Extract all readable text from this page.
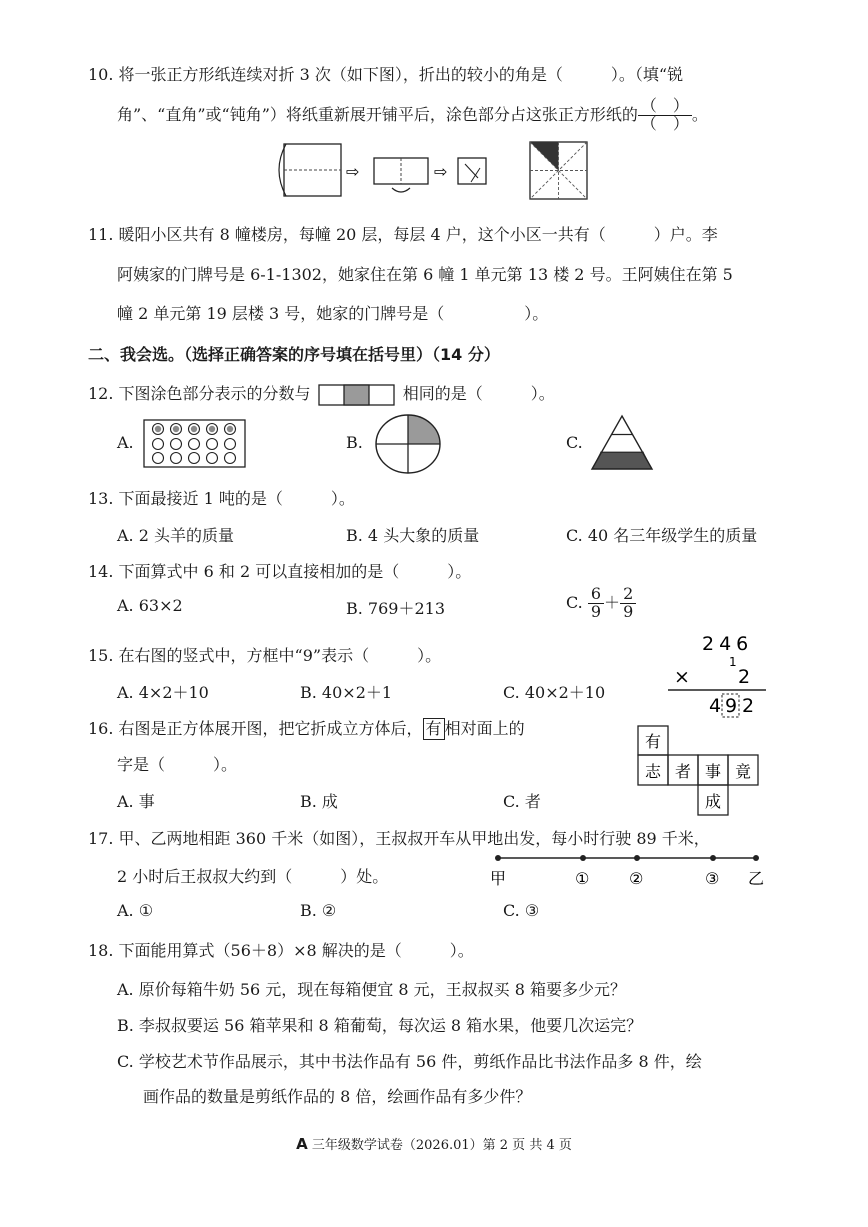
10. 将一张正方形纸连续对折 3 次（如下图），折出的较小的角是（　　　）。（填“锐
角”、“直角”或“钝角”）将纸重新展开铺平后，涂色部分占这张正方形纸的 $\frac{( )}{( )}$ 。
⇨	⇨
11. 暖阳小区共有 8 幢楼房，每幢 20 层，每层 4 户，这个小区一共有（　　　）户。李
阿姨家的门牌号是 6-1-1302，她家住在第 6 幢 1 单元第 13 楼 2 号。王阿姨住在第 5
幢 2 单元第 19 层楼 3 号，她家的门牌号是（　　　　　）。
二、我会选。（选择正确答案的序号填在括号里）（14 分）
12. 下图涂色部分表示的分数与	相同的是（　　　）。
A.	B.	C.
13. 下面最接近 1 吨的是（　　　）。
A. 2 头羊的质量	B. 4 头大象的质量	C. 40 名三年级学生的质量
14. 下面算式中 6 和 2 可以直接相加的是（　　　）。
A. 63×2	B. 769＋213	C. $\frac{6}{9} + \frac{2}{9}$
15. 在右图的竖式中，方框中“9”表示（　　　）。
A. 4×2＋10	B. 40×2＋1	C. 40×2＋10
246
×	2
1
4 9 2
16. 右图是正方体展开图，把它折成立方体后， 有 相对面上的
字是（　　　）。
A. 事	B. 成	C. 者
有
志 者 事 竟
成
17. 甲、乙两地相距 360 千米（如图），王叔叔开车从甲地出发，每小时行驶 89 千米，
2 小时后王叔叔大约到（　　　）处。
A. ①	B. ②	C. ③
甲	① ②	③ 乙
18. 下面能用算式（56＋8）×8 解决的是（　　　）。
A. 原价每箱牛奶 56 元，现在每箱便宜 8 元，王叔叔买 8 箱要多少元？
B. 李叔叔要运 56 箱苹果和 8 箱葡萄，每次运 8 箱水果，他要几次运完？
C. 学校艺术节作品展示，其中书法作品有 56 件，剪纸作品比书法作品多 8 件，绘
画作品的数量是剪纸作品的 8 倍，绘画作品有多少件？
A 三年级数学试卷（2026.01）第 2 页 共 4 页
